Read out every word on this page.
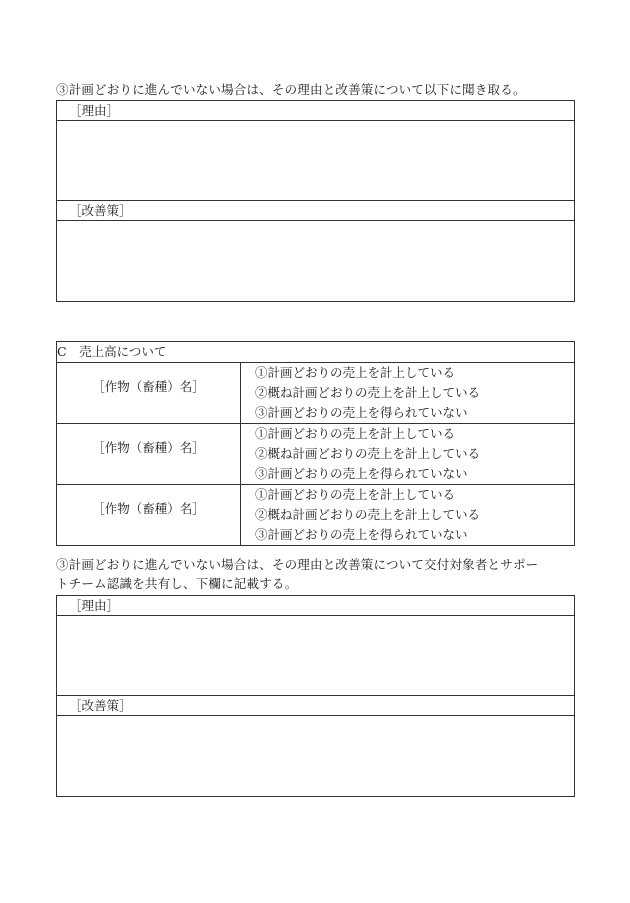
③計画どおりに進んでいない場合は、その理由と改善策について以下に聞き取る。
［理由］
［改善策］
C　売上高について	
［作物（畜種）名］	①計画どおりの売上を計上している
②概ね計画どおりの売上を計上している
③計画どおりの売上を得られていない

［作物（畜種）名］	①計画どおりの売上を計上している
②概ね計画どおりの売上を計上している
③計画どおりの売上を得られていない

［作物（畜種）名］	①計画どおりの売上を計上している
②概ね計画どおりの売上を計上している
③計画どおりの売上を得られていない
③計画どおりに進んでいない場合は、その理由と改善策について交付対象者とサポー
トチーム認識を共有し、下欄に記載する。
［理由］
［改善策］
